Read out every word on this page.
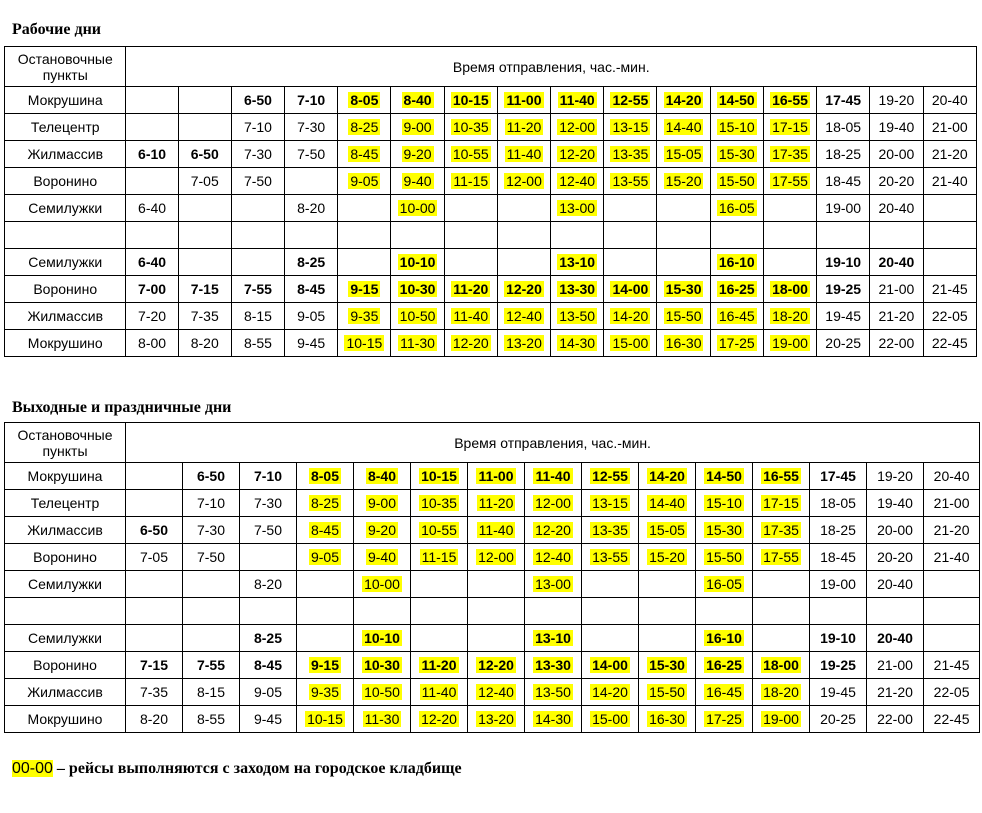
Рабочие дни
Остановочные пункты	Время отправления, час.-мин.															
Мокрушина			6-50	7-10	8-05	8-40	10-15	11-00	11-40	12-55	14-20	14-50	16-55	17-45	19-20	20-40
Телецентр			7-10	7-30	8-25	9-00	10-35	11-20	12-00	13-15	14-40	15-10	17-15	18-05	19-40	21-00
Жилмассив	6-10	6-50	7-30	7-50	8-45	9-20	10-55	11-40	12-20	13-35	15-05	15-30	17-35	18-25	20-00	21-20
Воронино		7-05	7-50		9-05	9-40	11-15	12-00	12-40	13-55	15-20	15-50	17-55	18-45	20-20	21-40
Семилужки	6-40			8-20		10-00			13-00			16-05		19-00	20-40	

Семилужки	6-40			8-25		10-10			13-10			16-10		19-10	20-40	
Воронино	7-00	7-15	7-55	8-45	9-15	10-30	11-20	12-20	13-30	14-00	15-30	16-25	18-00	19-25	21-00	21-45
Жилмассив	7-20	7-35	8-15	9-05	9-35	10-50	11-40	12-40	13-50	14-20	15-50	16-45	18-20	19-45	21-20	22-05
Мокрушино	8-00	8-20	8-55	9-45	10-15	11-30	12-20	13-20	14-30	15-00	16-30	17-25	19-00	20-25	22-00	22-45
Выходные и праздничные дни
Остановочные пункты	Время отправления, час.-мин.														
Мокрушина		6-50	7-10	8-05	8-40	10-15	11-00	11-40	12-55	14-20	14-50	16-55	17-45	19-20	20-40
Телецентр		7-10	7-30	8-25	9-00	10-35	11-20	12-00	13-15	14-40	15-10	17-15	18-05	19-40	21-00
Жилмассив	6-50	7-30	7-50	8-45	9-20	10-55	11-40	12-20	13-35	15-05	15-30	17-35	18-25	20-00	21-20
Воронино	7-05	7-50		9-05	9-40	11-15	12-00	12-40	13-55	15-20	15-50	17-55	18-45	20-20	21-40
Семилужки			8-20		10-00			13-00			16-05		19-00	20-40	

Семилужки			8-25		10-10			13-10			16-10		19-10	20-40	
Воронино	7-15	7-55	8-45	9-15	10-30	11-20	12-20	13-30	14-00	15-30	16-25	18-00	19-25	21-00	21-45
Жилмассив	7-35	8-15	9-05	9-35	10-50	11-40	12-40	13-50	14-20	15-50	16-45	18-20	19-45	21-20	22-05
Мокрушино	8-20	8-55	9-45	10-15	11-30	12-20	13-20	14-30	15-00	16-30	17-25	19-00	20-25	22-00	22-45
00-00 – рейсы выполняются с заходом на городское кладбище
